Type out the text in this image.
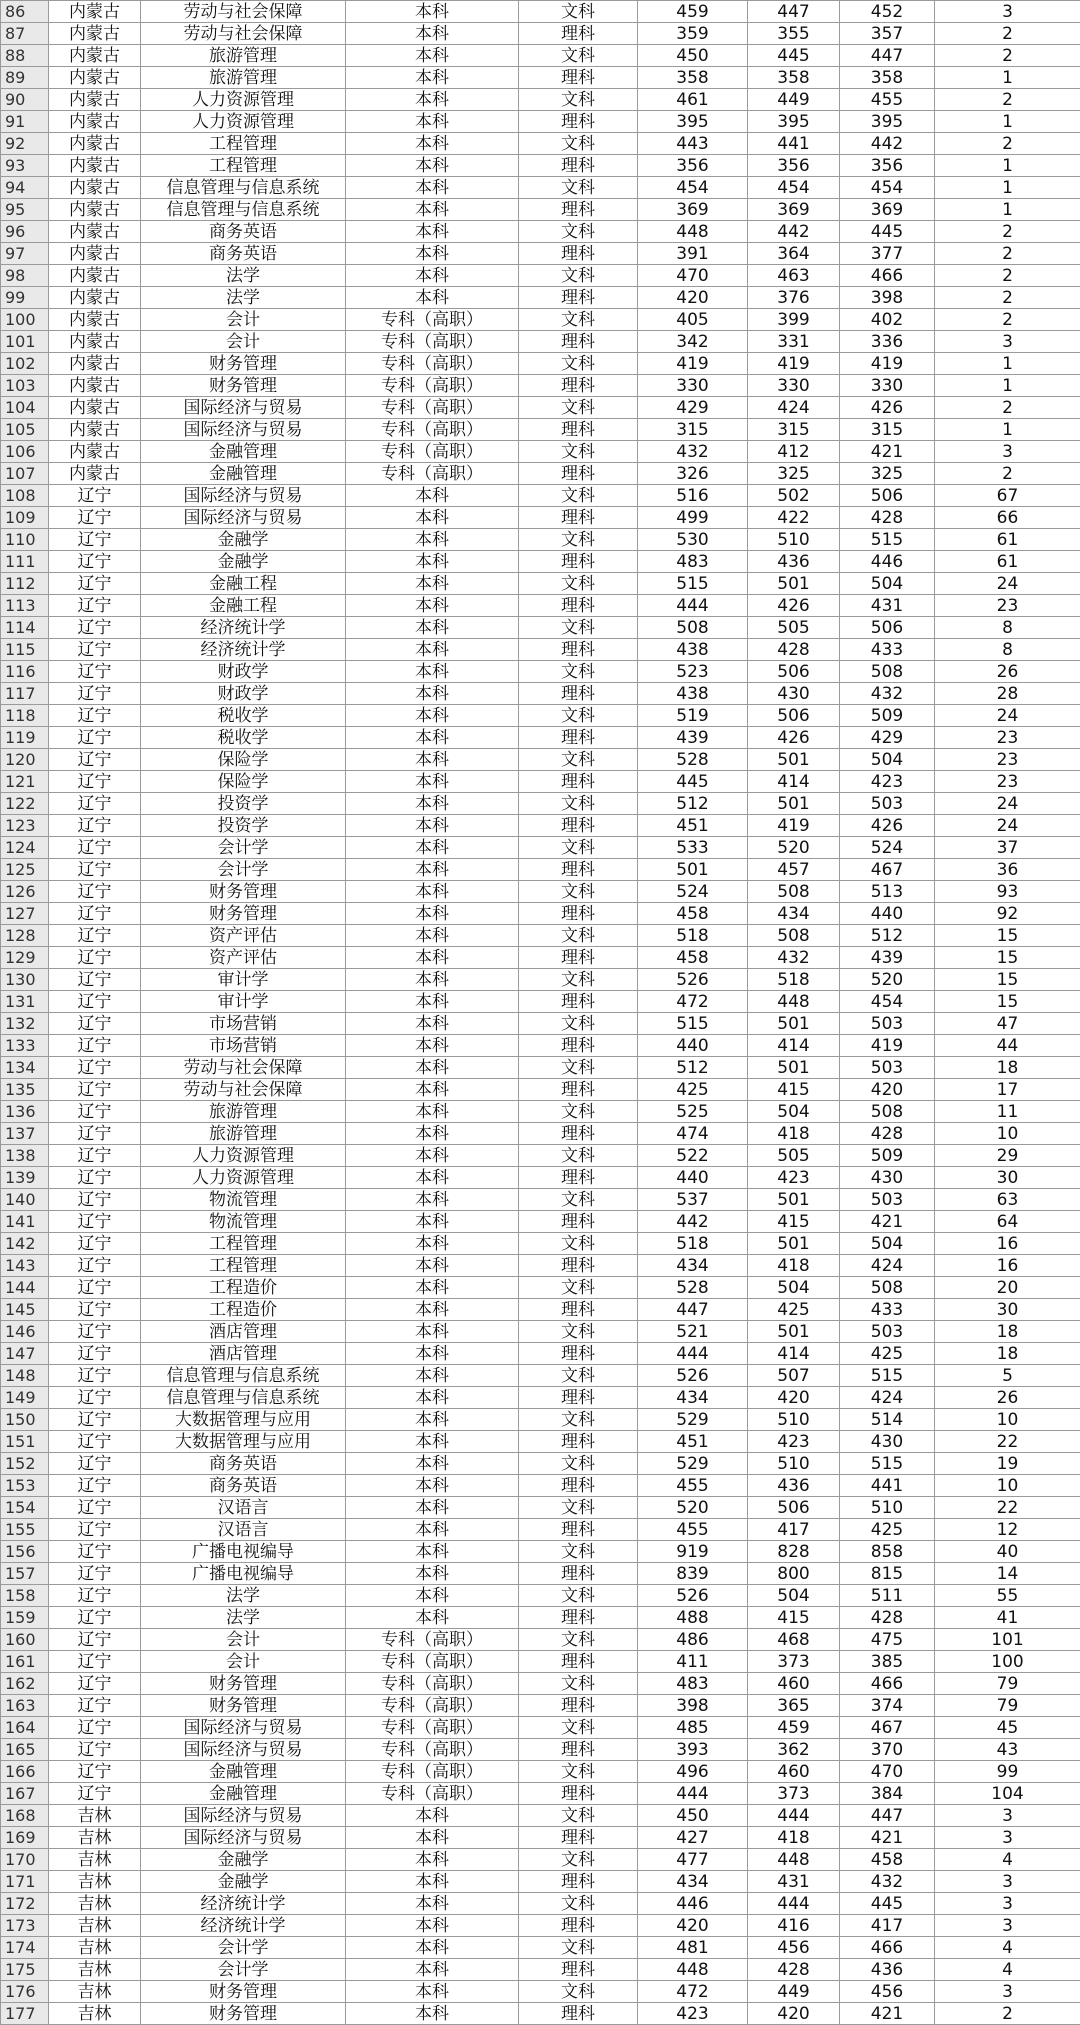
86	内蒙古	劳动与社会保障	本科	文科	459	447	452	3
87	内蒙古	劳动与社会保障	本科	理科	359	355	357	2
88	内蒙古	旅游管理	本科	文科	450	445	447	2
89	内蒙古	旅游管理	本科	理科	358	358	358	1
90	内蒙古	人力资源管理	本科	文科	461	449	455	2
91	内蒙古	人力资源管理	本科	理科	395	395	395	1
92	内蒙古	工程管理	本科	文科	443	441	442	2
93	内蒙古	工程管理	本科	理科	356	356	356	1
94	内蒙古	信息管理与信息系统	本科	文科	454	454	454	1
95	内蒙古	信息管理与信息系统	本科	理科	369	369	369	1
96	内蒙古	商务英语	本科	文科	448	442	445	2
97	内蒙古	商务英语	本科	理科	391	364	377	2
98	内蒙古	法学	本科	文科	470	463	466	2
99	内蒙古	法学	本科	理科	420	376	398	2
100	内蒙古	会计	专科（高职）	文科	405	399	402	2
101	内蒙古	会计	专科（高职）	理科	342	331	336	3
102	内蒙古	财务管理	专科（高职）	文科	419	419	419	1
103	内蒙古	财务管理	专科（高职）	理科	330	330	330	1
104	内蒙古	国际经济与贸易	专科（高职）	文科	429	424	426	2
105	内蒙古	国际经济与贸易	专科（高职）	理科	315	315	315	1
106	内蒙古	金融管理	专科（高职）	文科	432	412	421	3
107	内蒙古	金融管理	专科（高职）	理科	326	325	325	2
108	辽宁	国际经济与贸易	本科	文科	516	502	506	67
109	辽宁	国际经济与贸易	本科	理科	499	422	428	66
110	辽宁	金融学	本科	文科	530	510	515	61
111	辽宁	金融学	本科	理科	483	436	446	61
112	辽宁	金融工程	本科	文科	515	501	504	24
113	辽宁	金融工程	本科	理科	444	426	431	23
114	辽宁	经济统计学	本科	文科	508	505	506	8
115	辽宁	经济统计学	本科	理科	438	428	433	8
116	辽宁	财政学	本科	文科	523	506	508	26
117	辽宁	财政学	本科	理科	438	430	432	28
118	辽宁	税收学	本科	文科	519	506	509	24
119	辽宁	税收学	本科	理科	439	426	429	23
120	辽宁	保险学	本科	文科	528	501	504	23
121	辽宁	保险学	本科	理科	445	414	423	23
122	辽宁	投资学	本科	文科	512	501	503	24
123	辽宁	投资学	本科	理科	451	419	426	24
124	辽宁	会计学	本科	文科	533	520	524	37
125	辽宁	会计学	本科	理科	501	457	467	36
126	辽宁	财务管理	本科	文科	524	508	513	93
127	辽宁	财务管理	本科	理科	458	434	440	92
128	辽宁	资产评估	本科	文科	518	508	512	15
129	辽宁	资产评估	本科	理科	458	432	439	15
130	辽宁	审计学	本科	文科	526	518	520	15
131	辽宁	审计学	本科	理科	472	448	454	15
132	辽宁	市场营销	本科	文科	515	501	503	47
133	辽宁	市场营销	本科	理科	440	414	419	44
134	辽宁	劳动与社会保障	本科	文科	512	501	503	18
135	辽宁	劳动与社会保障	本科	理科	425	415	420	17
136	辽宁	旅游管理	本科	文科	525	504	508	11
137	辽宁	旅游管理	本科	理科	474	418	428	10
138	辽宁	人力资源管理	本科	文科	522	505	509	29
139	辽宁	人力资源管理	本科	理科	440	423	430	30
140	辽宁	物流管理	本科	文科	537	501	503	63
141	辽宁	物流管理	本科	理科	442	415	421	64
142	辽宁	工程管理	本科	文科	518	501	504	16
143	辽宁	工程管理	本科	理科	434	418	424	16
144	辽宁	工程造价	本科	文科	528	504	508	20
145	辽宁	工程造价	本科	理科	447	425	433	30
146	辽宁	酒店管理	本科	文科	521	501	503	18
147	辽宁	酒店管理	本科	理科	444	414	425	18
148	辽宁	信息管理与信息系统	本科	文科	526	507	515	5
149	辽宁	信息管理与信息系统	本科	理科	434	420	424	26
150	辽宁	大数据管理与应用	本科	文科	529	510	514	10
151	辽宁	大数据管理与应用	本科	理科	451	423	430	22
152	辽宁	商务英语	本科	文科	529	510	515	19
153	辽宁	商务英语	本科	理科	455	436	441	10
154	辽宁	汉语言	本科	文科	520	506	510	22
155	辽宁	汉语言	本科	理科	455	417	425	12
156	辽宁	广播电视编导	本科	文科	919	828	858	40
157	辽宁	广播电视编导	本科	理科	839	800	815	14
158	辽宁	法学	本科	文科	526	504	511	55
159	辽宁	法学	本科	理科	488	415	428	41
160	辽宁	会计	专科（高职）	文科	486	468	475	101
161	辽宁	会计	专科（高职）	理科	411	373	385	100
162	辽宁	财务管理	专科（高职）	文科	483	460	466	79
163	辽宁	财务管理	专科（高职）	理科	398	365	374	79
164	辽宁	国际经济与贸易	专科（高职）	文科	485	459	467	45
165	辽宁	国际经济与贸易	专科（高职）	理科	393	362	370	43
166	辽宁	金融管理	专科（高职）	文科	496	460	470	99
167	辽宁	金融管理	专科（高职）	理科	444	373	384	104
168	吉林	国际经济与贸易	本科	文科	450	444	447	3
169	吉林	国际经济与贸易	本科	理科	427	418	421	3
170	吉林	金融学	本科	文科	477	448	458	4
171	吉林	金融学	本科	理科	434	431	432	3
172	吉林	经济统计学	本科	文科	446	444	445	3
173	吉林	经济统计学	本科	理科	420	416	417	3
174	吉林	会计学	本科	文科	481	456	466	4
175	吉林	会计学	本科	理科	448	428	436	4
176	吉林	财务管理	本科	文科	472	449	456	3
177	吉林	财务管理	本科	理科	423	420	421	2
